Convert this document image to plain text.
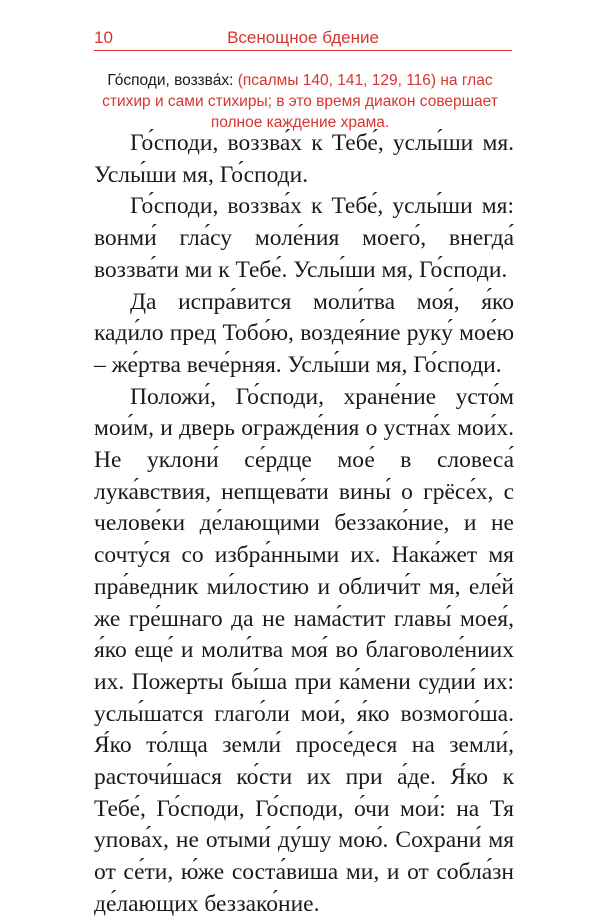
10	Всенощное бдение
Го́споди, воззва́х: (псалмы 140, 141, 129, 116) на глас стихир и сами стихиры; в это время диакон совершает полное каждение храма.

Го́споди, воззва́х к Тебе́, услы́ши мя. Услы́ши мя, Го́споди.

Го́споди, воззва́х к Тебе́, услы́ши мя: вонми́ гла́су моле́ния моего́, внегда́ воззва́ти ми к Тебе́. Услы́ши мя, Го́споди.

Да испра́вится моли́тва моя́, я́ко кади́ло пред Тобо́ю, воздея́ние руку́ мое́ю – же́ртва вече́рняя. Услы́ши мя, Го́споди.

Положи́, Го́споди, хране́ние усто́м мои́м, и дверь огражде́ния о устна́х мои́х. Не уклони́ се́рдце мое́ в словеса́ лука́вствия, непщева́ти вины́ о грёсе́х, с челове́ки де́лающими беззако́ние, и не сочту́ся со избра́нными их. Нака́жет мя пра́ведник ми́лостию и обличи́т мя, еле́й же гре́шнаго да не нама́стит главы́ моея́, я́ко еще́ и моли́тва моя́ во благоволе́ниих их. Пожерты бы́ша при ка́мени судии́ их: услы́шатся глаго́ли мои́, я́ко возмого́ша. Я́ко то́лща земли́ просе́деся на земли́, расточи́шася ко́сти их при а́де. Я́ко к Тебе́, Го́споди, Го́споди, о́чи мои́: на Тя упова́х, не отыми́ ду́шу мою́. Сохрани́ мя от се́ти, ю́же соста́виша ми, и от собла́зн де́лающих беззако́ние.
